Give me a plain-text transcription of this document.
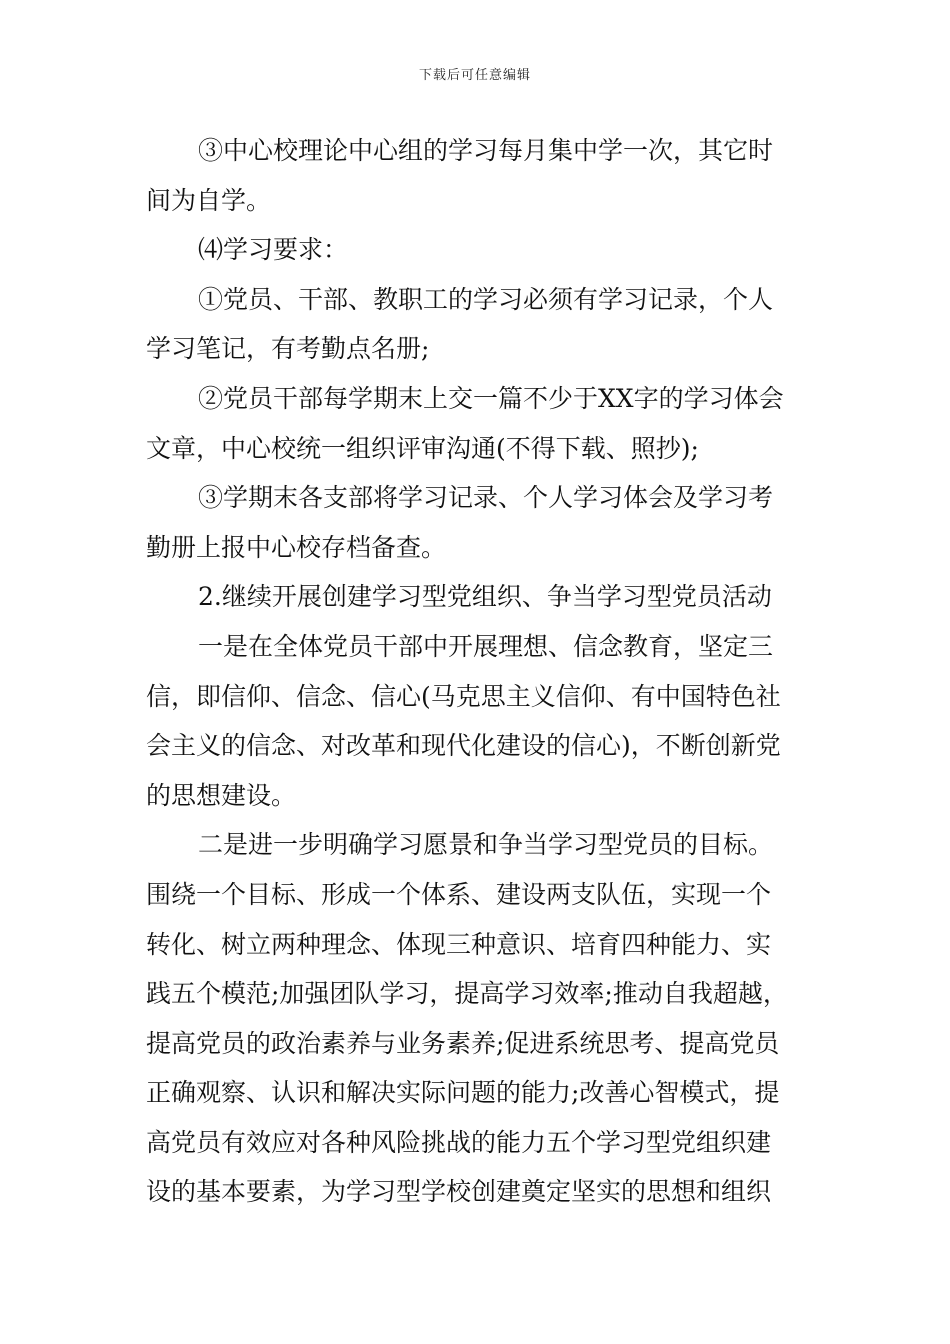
下载后可任意编辑
③中心校理论中心组的学习每月集中学一次，其它时
间为自学。
⑷学习要求：
①党员、干部、教职工的学习必须有学习记录，个人
学习笔记，有考勤点名册;
②党员干部每学期末上交一篇不少于XX字的学习体会
文章，中心校统一组织评审沟通(不得下载、照抄);
③学期末各支部将学习记录、个人学习体会及学习考
勤册上报中心校存档备查。
2.继续开展创建学习型党组织、争当学习型党员活动
一是在全体党员干部中开展理想、信念教育，坚定三
信，即信仰、信念、信心(马克思主义信仰、有中国特色社
会主义的信念、对改革和现代化建设的信心)，不断创新党
的思想建设。
二是进一步明确学习愿景和争当学习型党员的目标。
围绕一个目标、形成一个体系、建设两支队伍，实现一个
转化、树立两种理念、体现三种意识、培育四种能力、实
践五个模范;加强团队学习，提高学习效率;推动自我超越，
提高党员的政治素养与业务素养;促进系统思考、提高党员
正确观察、认识和解决实际问题的能力;改善心智模式，提
高党员有效应对各种风险挑战的能力五个学习型党组织建
设的基本要素，为学习型学校创建奠定坚实的思想和组织
